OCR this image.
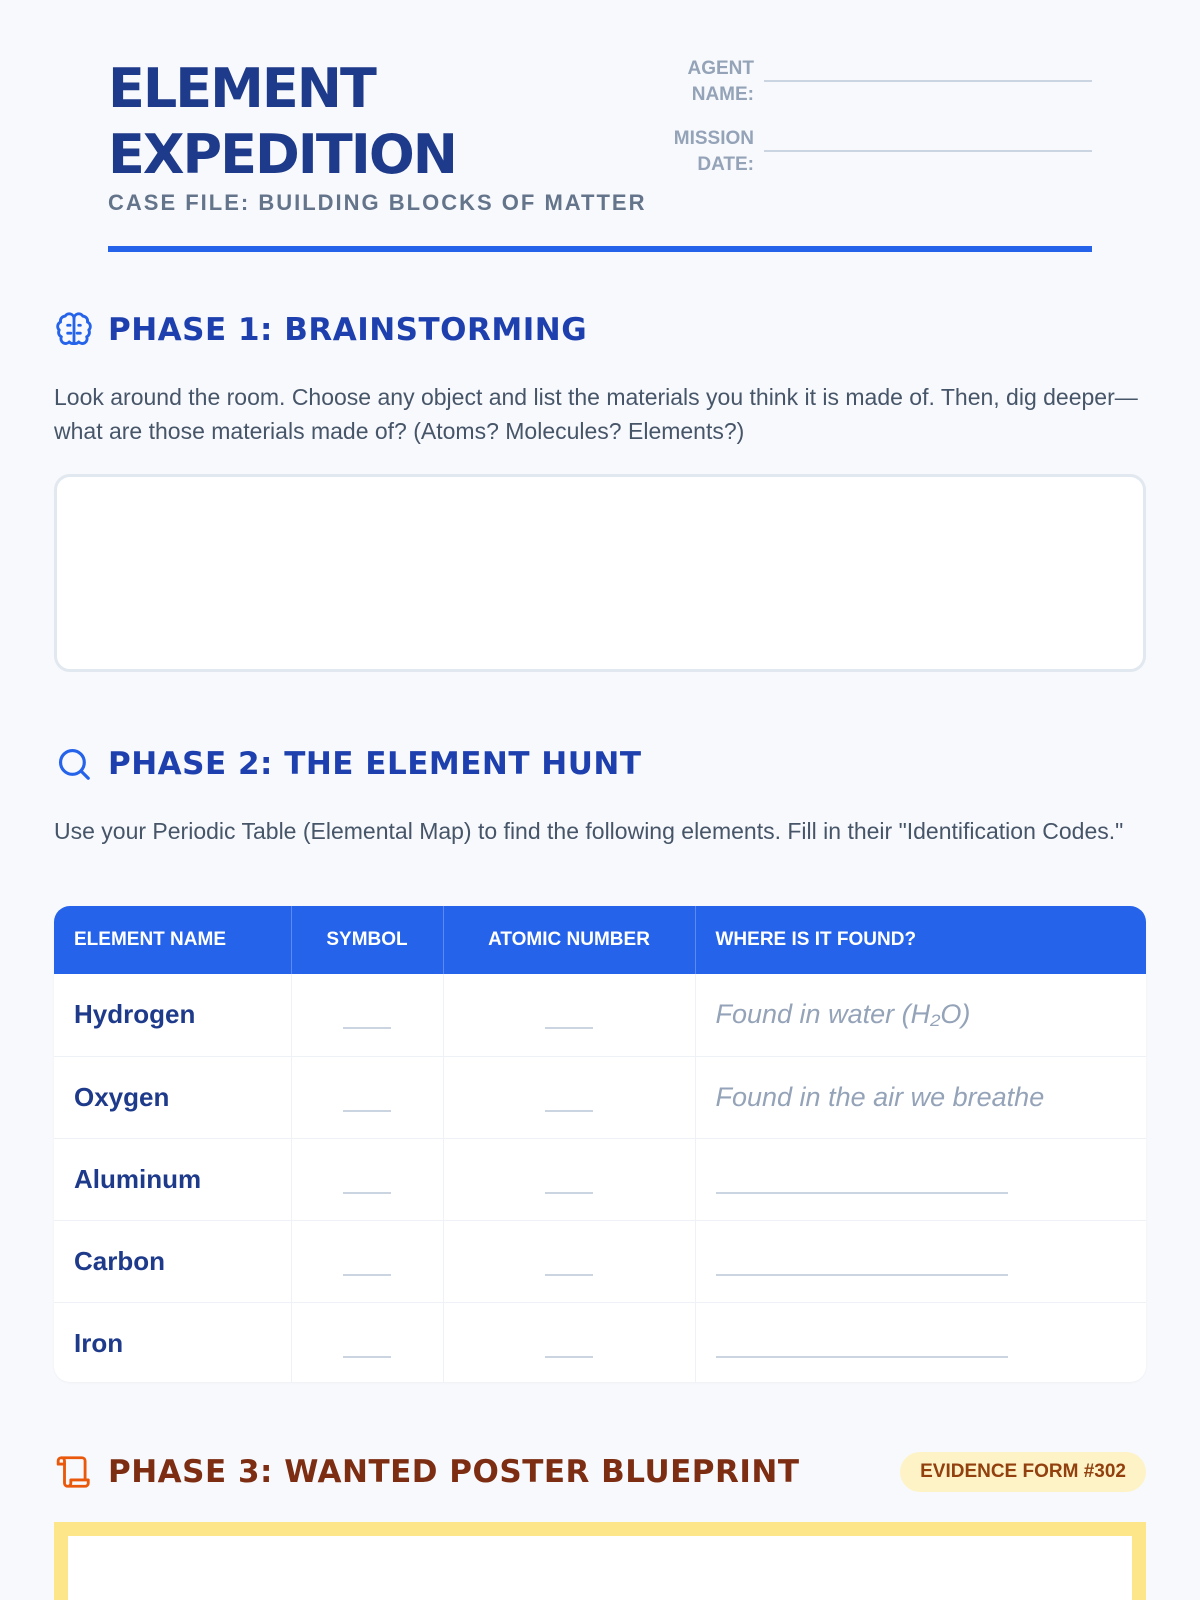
ELEMENT
EXPEDITION
CASE FILE: BUILDING BLOCKS OF MATTER
AGENT NAME:
MISSION DATE:
PHASE 1: BRAINSTORMING
Look around the room. Choose any object and list the materials you think it is made of. Then, dig deeper—what are those materials made of? (Atoms? Molecules? Elements?)
PHASE 2: THE ELEMENT HUNT
Use your Periodic Table (Elemental Map) to find the following elements. Fill in their "Identification Codes."
ELEMENT NAME	SYMBOL	ATOMIC NUMBER	WHERE IS IT FOUND?
Hydrogen			Found in water (H₂O)
Oxygen			Found in the air we breathe
Aluminum			
Carbon			
Iron			
PHASE 3: WANTED POSTER BLUEPRINT	EVIDENCE FORM #302
